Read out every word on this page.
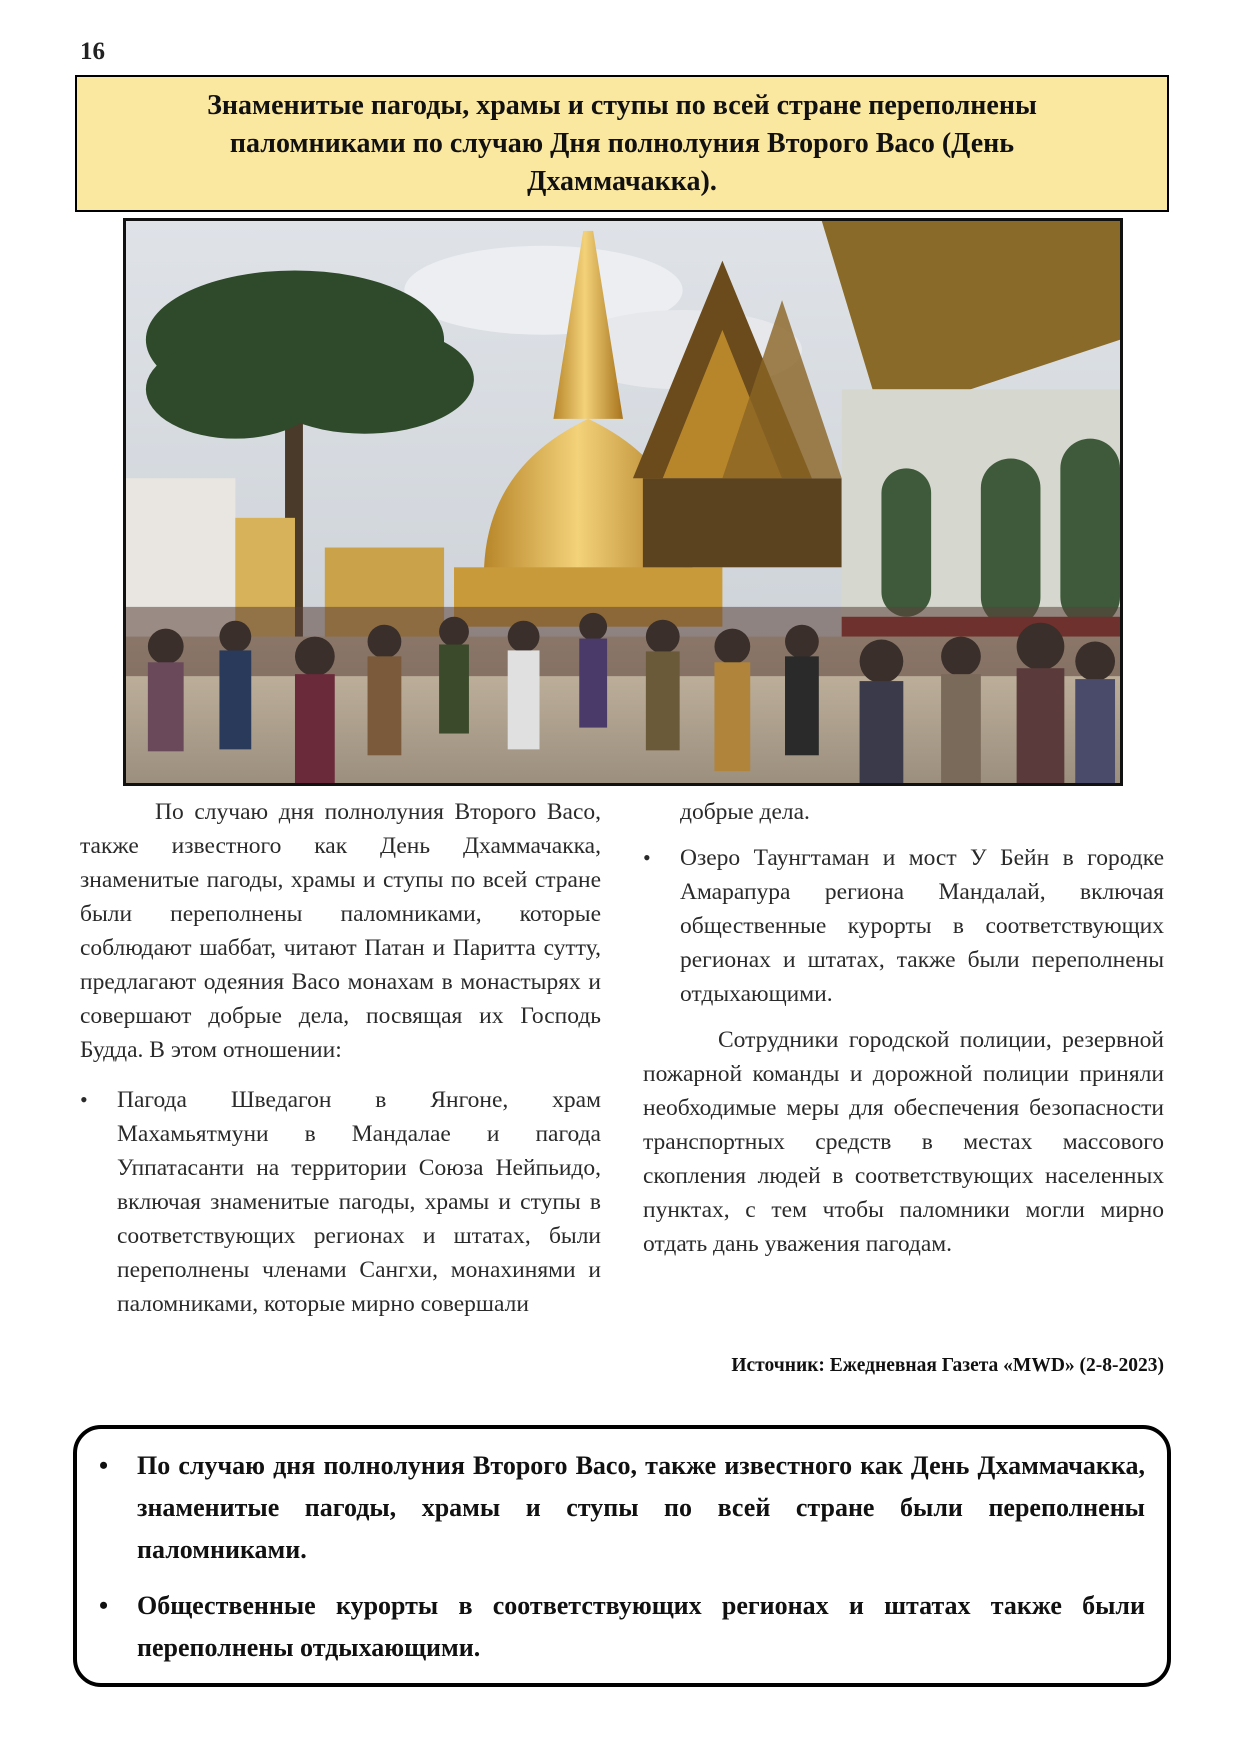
16
Знаменитые пагоды, храмы и ступы по всей стране переполнены паломниками по случаю Дня полнолуния Второго Васо (День Дхаммачакка).

По случаю дня полнолуния Второго Васо, также известного как День Дхаммачакка, знаменитые пагоды, храмы и ступы по всей стране были переполнены паломниками, которые соблюдают шаббат, читают Патан и Паритта сутту, предлагают одеяния Васо монахам в монастырях и совершают добрые дела, посвящая их Господь Будда. В этом отношении:

• Пагода Шведагон в Янгоне, храм Махамьятмуни в Мандалае и пагода Уппатасанти на территории Союза Нейпьидо, включая знаменитые пагоды, храмы и ступы в соответствующих регионах и штатах, были переполнены членами Сангхи, монахинями и паломниками, которые мирно совершали

добрые дела.

• Озеро Таунгтаман и мост У Бейн в городке Амарапура региона Мандалай, включая общественные курорты в соответствующих регионах и штатах, также были переполнены отдыхающими.

Сотрудники городской полиции, резервной пожарной команды и дорожной полиции приняли необходимые меры для обеспечения безопасности транспортных средств в местах массового скопления людей в соответствующих населенных пунктах, с тем чтобы паломники могли мирно отдать дань уважения пагодам.

Источник: Ежедневная Газета «MWD» (2-8-2023)
• По случаю дня полнолуния Второго Васо, также известного как День Дхаммачакка, знаменитые пагоды, храмы и ступы по всей стране были переполнены паломниками.
• Общественные курорты в соответствующих регионах и штатах также были переполнены отдыхающими.
